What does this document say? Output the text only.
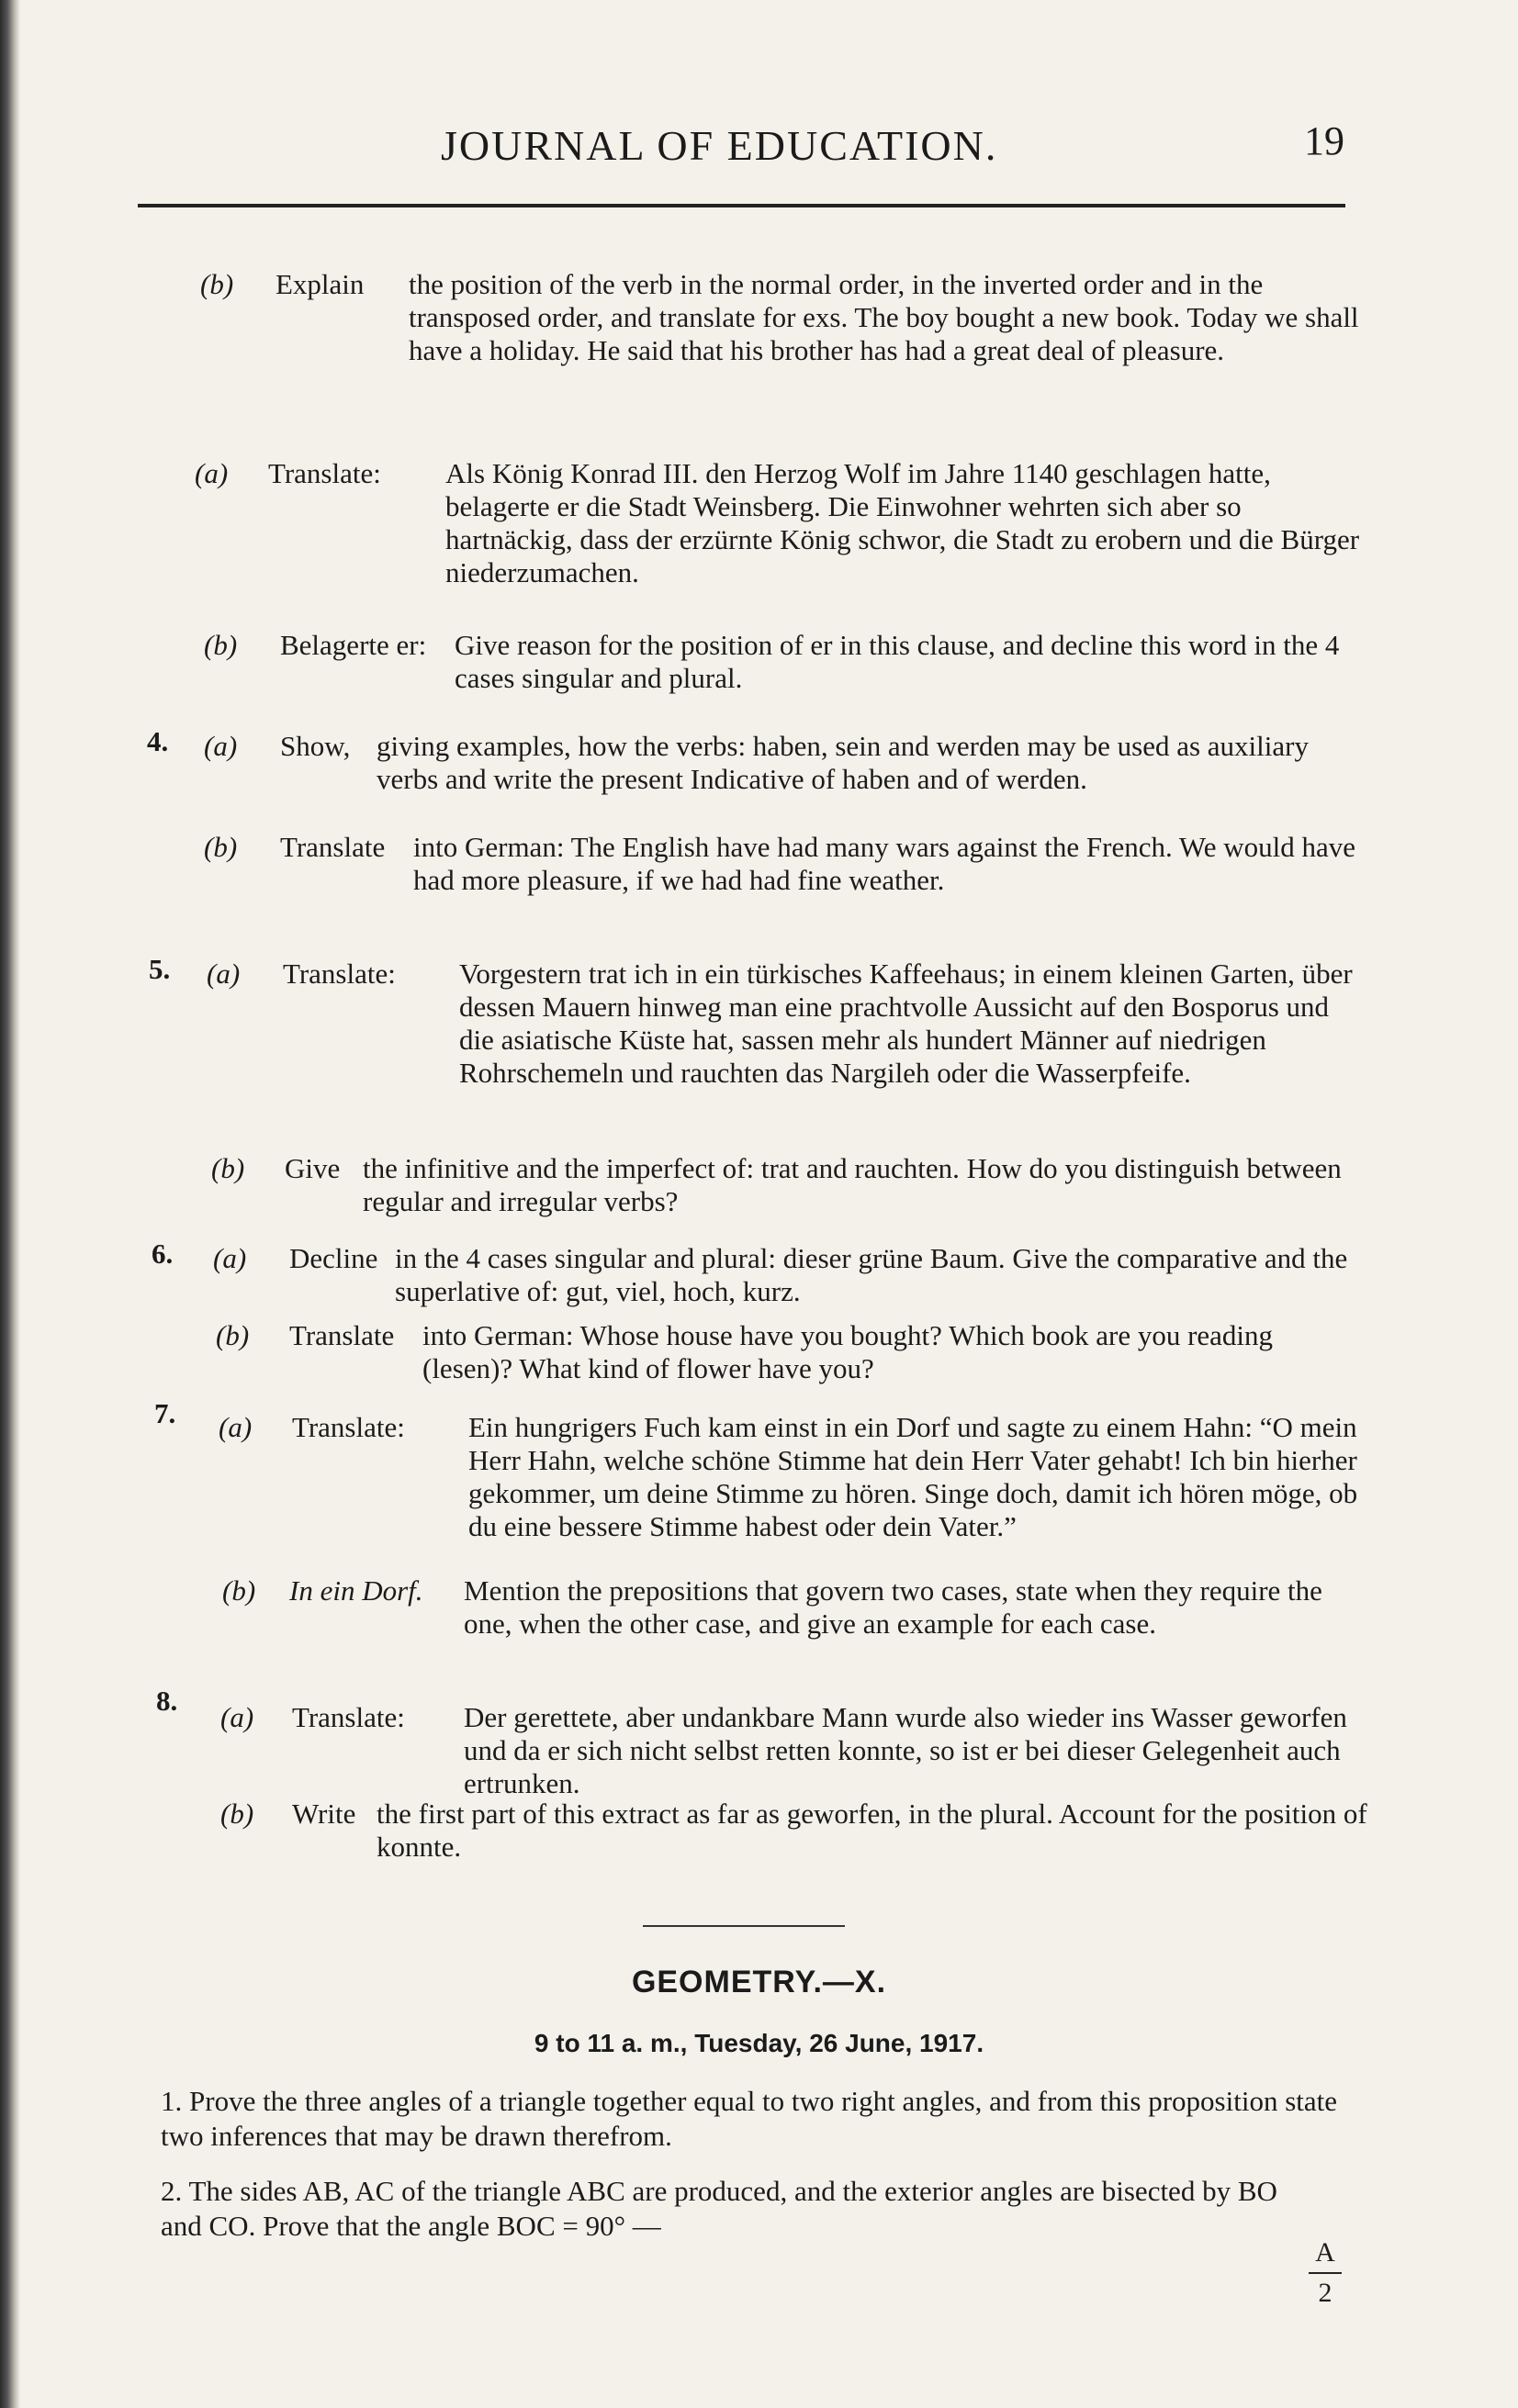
JOURNAL OF EDUCATION.	19
(b) Explain the position of the verb in the normal order, in the inverted order and in the transposed order, and translate for exs. The boy bought a new book. Today we shall have a holiday. He said that his brother has had a great deal of pleasure.
(a) Translate: Als König Konrad III. den Herzog Wolf im Jahre 1140 geschlagen hatte, belagerte er die Stadt Weinsberg. Die Einwohner wehrten sich aber so hartnäckig, dass der erzürnte König schwor, die Stadt zu erobern und die Bürger niederzumachen.
(b) Belagerte er: Give reason for the position of er in this clause, and decline this word in the 4 cases singular and plural.
4. (a) Show, giving examples, how the verbs: haben, sein and werden may be used as auxiliary verbs and write the present Indicative of haben and of werden.
(b) Translate into German: The English have had many wars against the French. We would have had more pleasure, if we had had fine weather.
5. (a) Translate: Vorgestern trat ich in ein türkisches Kaffeehaus; in einem kleinen Garten, über dessen Mauern hinweg man eine prachtvolle Aussicht auf den Bosporus und die asiatische Küste hat, sassen mehr als hundert Männer auf niedrigen Rohrschemeln und rauchten das Nargileh oder die Wasserpfeife.
(b) Give the infinitive and the imperfect of: trat and rauchten. How do you distinguish between regular and irregular verbs?
6. (a) Decline in the 4 cases singular and plural: dieser grüne Baum. Give the comparative and the superlative of: gut, viel, hoch, kurz.
(b) Translate into German: Whose house have you bought? Which book are you reading (lesen)? What kind of flower have you?
7. (a) Translate: Ein hungrigers Fuch kam einst in ein Dorf und sagte zu einem Hahn: “O mein Herr Hahn, welche schöne Stimme hat dein Herr Vater gehabt! Ich bin hierher gekommer, um deine Stimme zu hören. Singe doch, damit ich hören möge, ob du eine bessere Stimme habest oder dein Vater.”
(b) In ein Dorf. Mention the prepositions that govern two cases, state when they require the one, when the other case, and give an example for each case.
8.
(a) Translate: Der gerettete, aber undankbare Mann wurde also wieder ins Wasser geworfen und da er sich nicht selbst retten konnte, so ist er bei dieser Gelegenheit auch ertrunken.
(b) Write the first part of this extract as far as geworfen, in the plural. Account for the position of konnte.
GEOMETRY.—X.
9 to 11 a. m., Tuesday, 26 June, 1917.
1. Prove the three angles of a triangle together equal to two right angles, and from this proposition state two inferences that may be drawn therefrom.
2. The sides AB, AC of the triangle ABC are produced, and the exterior angles are bisected by BO and CO. Prove that the angle BOC = 90° —
A
2
